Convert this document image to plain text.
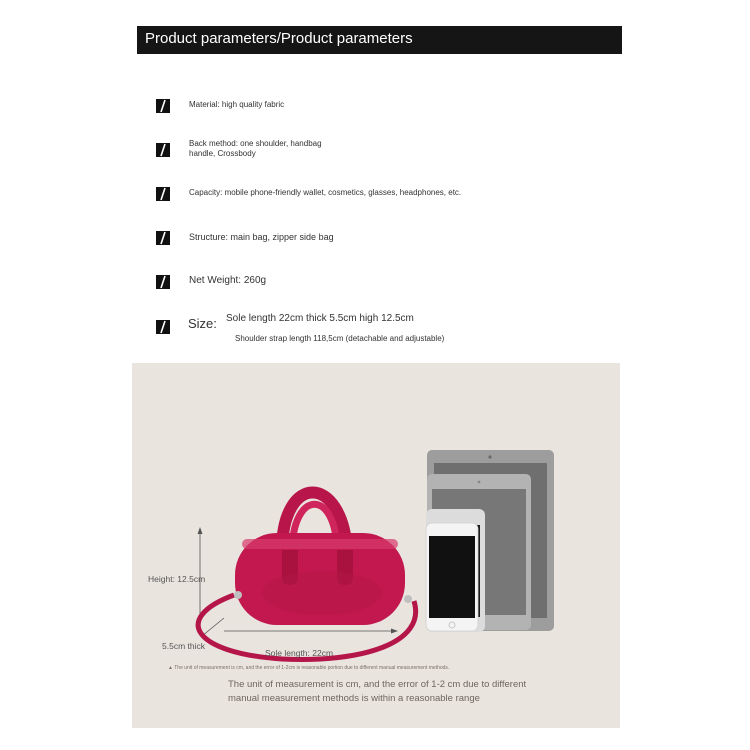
Product parameters/Product parameters
Material: high quality fabric
Back method: one shoulder, handbag
handle, Crossbody
Capacity: mobile phone-friendly wallet, cosmetics, glasses, headphones, etc.
Structure: main bag, zipper side bag
Net Weight: 260g
Size: Sole length 22cm thick 5.5cm high 12.5cm
Shoulder strap length 118,5cm (detachable and adjustable)
Height: 12.5cm
5.5cm thick
Sole length: 22cm
▲ The unit of measurement is cm, and the error of 1-2cm is reasonable portion due to different manual measurement methods.
The unit of measurement is cm, and the error of 1-2 cm due to different
manual measurement methods is within a reasonable range
